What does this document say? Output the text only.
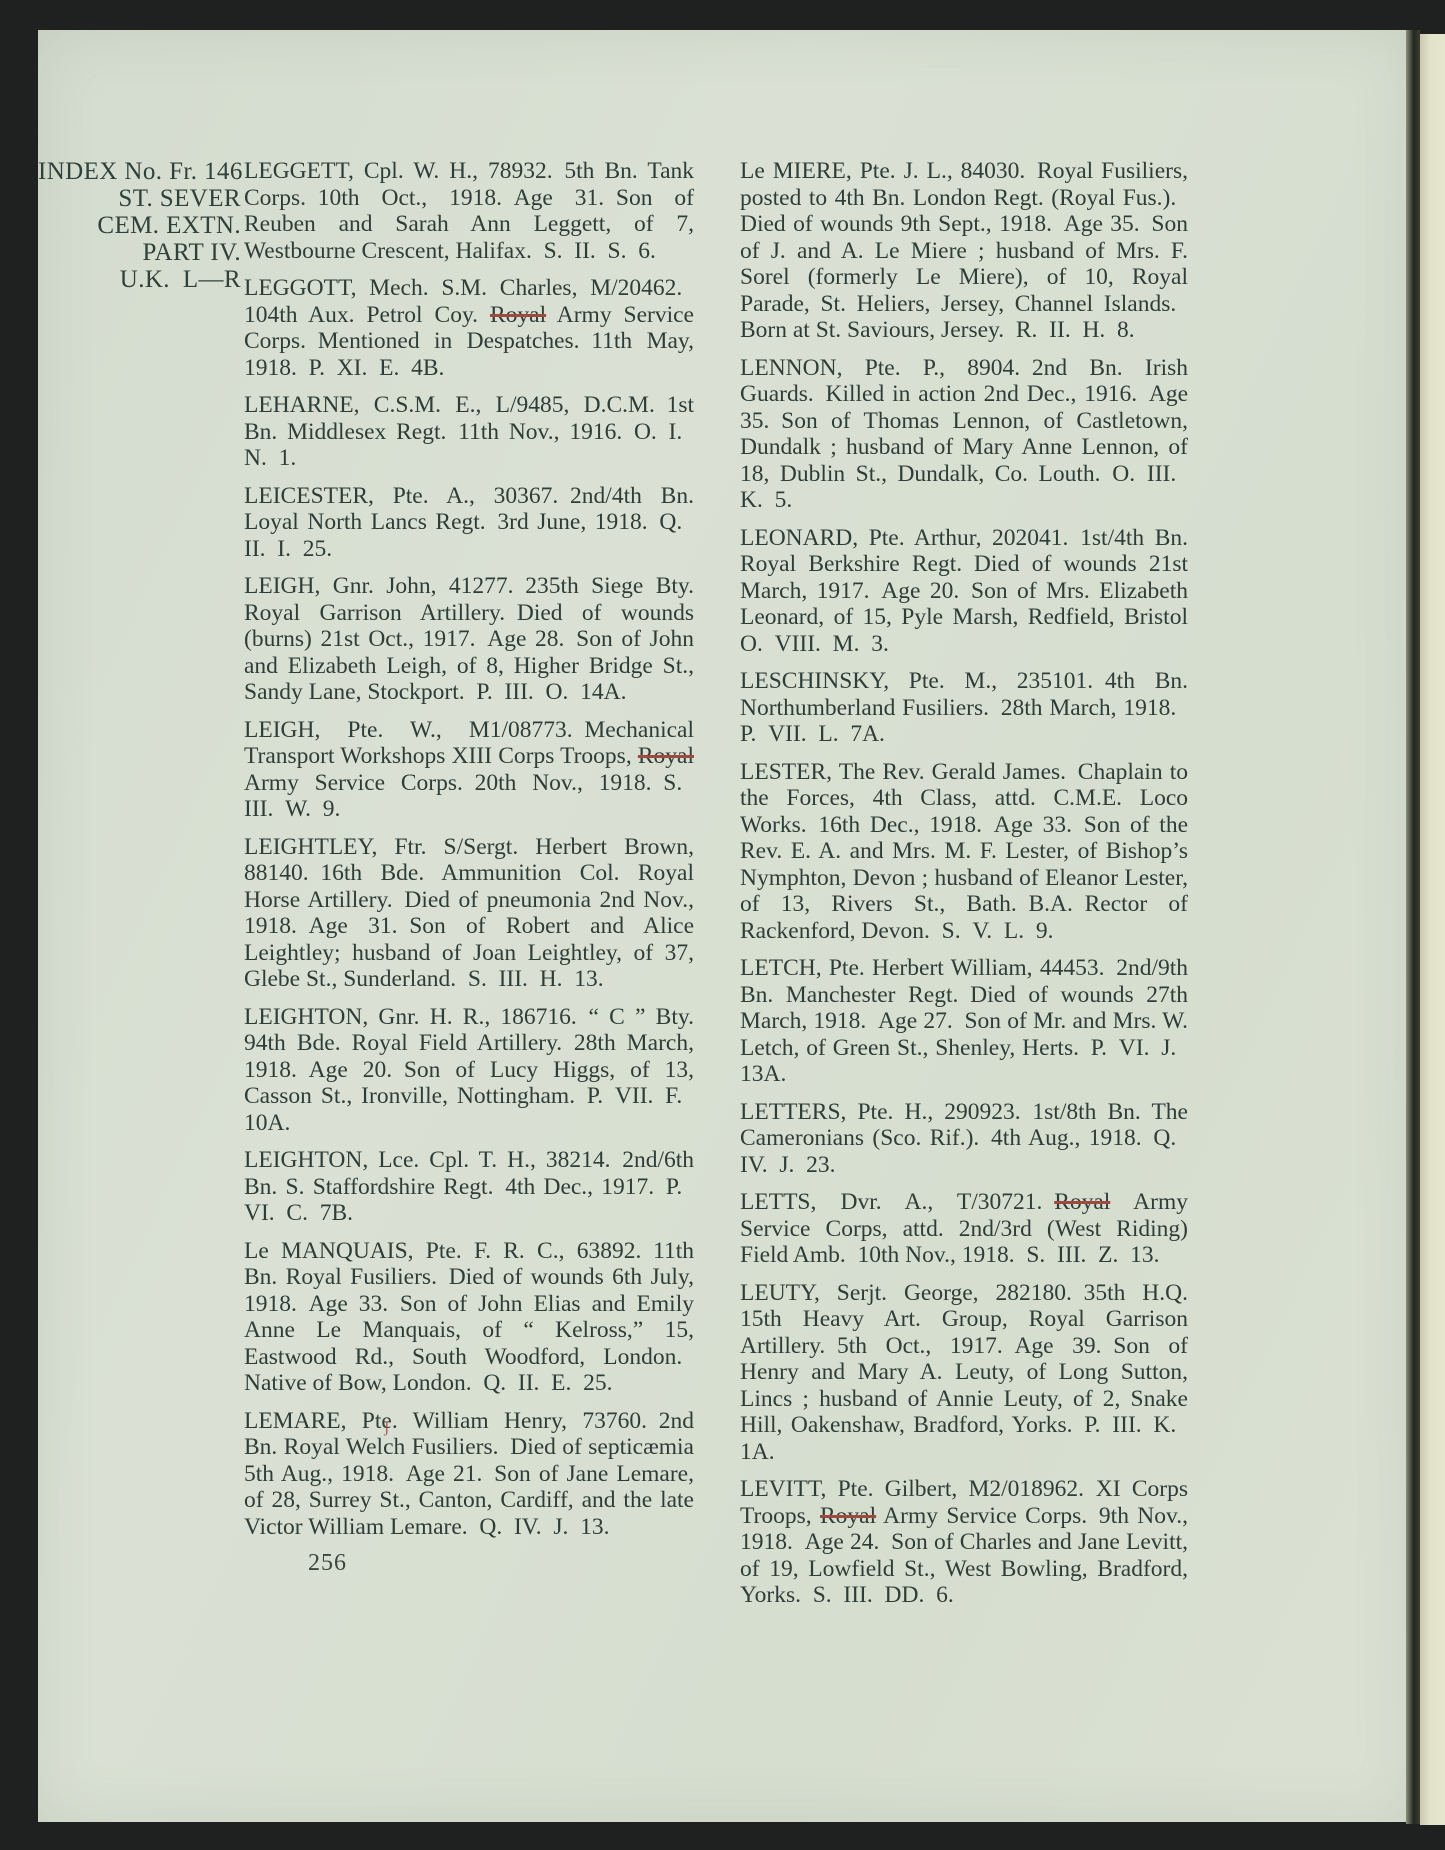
INDEX No. Fr. 146
ST. SEVER
CEM. EXTN.
PART IV.
U.K. L—R

LEGGETT, Cpl. W. H., 78932. 5th Bn. Tank Corps. 10th Oct., 1918. Age 31. Son of Reuben and Sarah Ann Leggett, of 7, Westbourne Crescent, Halifax. S. II. S. 6.

LEGGOTT, Mech. S.M. Charles, M/20462. 104th Aux. Petrol Coy. Royal Army Service Corps. Mentioned in Despatches. 11th May, 1918. P. XI. E. 4B.

LEHARNE, C.S.M. E., L/9485, D.C.M. 1st Bn. Middlesex Regt. 11th Nov., 1916. O. I. N. 1.

LEICESTER, Pte. A., 30367. 2nd/4th Bn. Loyal North Lancs Regt. 3rd June, 1918. Q. II. I. 25.

LEIGH, Gnr. John, 41277. 235th Siege Bty. Royal Garrison Artillery. Died of wounds (burns) 21st Oct., 1917. Age 28. Son of John and Elizabeth Leigh, of 8, Higher Bridge St., Sandy Lane, Stockport. P. III. O. 14A.

LEIGH, Pte. W., M1/08773. Mechanical Transport Workshops XIII Corps Troops, Royal Army Service Corps. 20th Nov., 1918. S. III. W. 9.

LEIGHTLEY, Ftr. S/Sergt. Herbert Brown, 88140. 16th Bde. Ammunition Col. Royal Horse Artillery. Died of pneumonia 2nd Nov., 1918. Age 31. Son of Robert and Alice Leightley; husband of Joan Leightley, of 37, Glebe St., Sunderland. S. III. H. 13.

LEIGHTON, Gnr. H. R., 186716. “ C ” Bty. 94th Bde. Royal Field Artillery. 28th March, 1918. Age 20. Son of Lucy Higgs, of 13, Casson St., Ironville, Nottingham. P. VII. F. 10A.

LEIGHTON, Lce. Cpl. T. H., 38214. 2nd/6th Bn. S. Staffordshire Regt. 4th Dec., 1917. P. VI. C. 7B.

Le MANQUAIS, Pte. F. R. C., 63892. 11th Bn. Royal Fusiliers. Died of wounds 6th July, 1918. Age 33. Son of John Elias and Emily Anne Le Manquais, of “ Kelross,” 15, Eastwood Rd., South Woodford, London. Native of Bow, London. Q. II. E. 25.

LEMARE, Pte. William Henry, 73760. 2nd Bn. Royal Welch ʃ Fusiliers. Died of septicæmia 5th Aug., 1918. Age 21. Son of Jane Lemare, of 28, Surrey St., Canton, Cardiff, and the late Victor William Lemare. Q. IV. J. 13.

Le MIERE, Pte. J. L., 84030. Royal Fusiliers, posted to 4th Bn. London Regt. (Royal Fus.). Died of wounds 9th Sept., 1918. Age 35. Son of J. and A. Le Miere ; husband of Mrs. F. Sorel (formerly Le Miere), of 10, Royal Parade, St. Heliers, Jersey, Channel Islands. Born at St. Saviours, Jersey. R. II. H. 8.

LENNON, Pte. P., 8904. 2nd Bn. Irish Guards. Killed in action 2nd Dec., 1916. Age 35. Son of Thomas Lennon, of Castletown, Dundalk ; husband of Mary Anne Lennon, of 18, Dublin St., Dundalk, Co. Louth. O. III. K. 5.

LEONARD, Pte. Arthur, 202041. 1st/4th Bn. Royal Berkshire Regt. Died of wounds 21st March, 1917. Age 20. Son of Mrs. Elizabeth Leonard, of 15, Pyle Marsh, Redfield, Bristol O. VIII. M. 3.

LESCHINSKY, Pte. M., 235101. 4th Bn. Northumberland Fusiliers. 28th March, 1918. P. VII. L. 7A.

LESTER, The Rev. Gerald James. Chaplain to the Forces, 4th Class, attd. C.M.E. Loco Works. 16th Dec., 1918. Age 33. Son of the Rev. E. A. and Mrs. M. F. Lester, of Bishop’s Nymphton, Devon ; husband of Eleanor Lester, of 13, Rivers St., Bath. B.A. Rector of Rackenford, Devon. S. V. L. 9.

LETCH, Pte. Herbert William, 44453. 2nd/9th Bn. Manchester Regt. Died of wounds 27th March, 1918. Age 27. Son of Mr. and Mrs. W. Letch, of Green St., Shenley, Herts. P. VI. J. 13A.

LETTERS, Pte. H., 290923. 1st/8th Bn. The Cameronians (Sco. Rif.). 4th Aug., 1918. Q. IV. J. 23.

LETTS, Dvr. A., T/30721. Royal Army Service Corps, attd. 2nd/3rd (West Riding) Field Amb. 10th Nov., 1918. S. III. Z. 13.

LEUTY, Serjt. George, 282180. 35th H.Q. 15th Heavy Art. Group, Royal Garrison Artillery. 5th Oct., 1917. Age 39. Son of Henry and Mary A. Leuty, of Long Sutton, Lincs ; husband of Annie Leuty, of 2, Snake Hill, Oakenshaw, Bradford, Yorks. P. III. K. 1A.

LEVITT, Pte. Gilbert, M2/018962. XI Corps Troops, Royal Army Service Corps. 9th Nov., 1918. Age 24. Son of Charles and Jane Levitt, of 19, Lowfield St., West Bowling, Bradford, Yorks. S. III. DD. 6.

256
